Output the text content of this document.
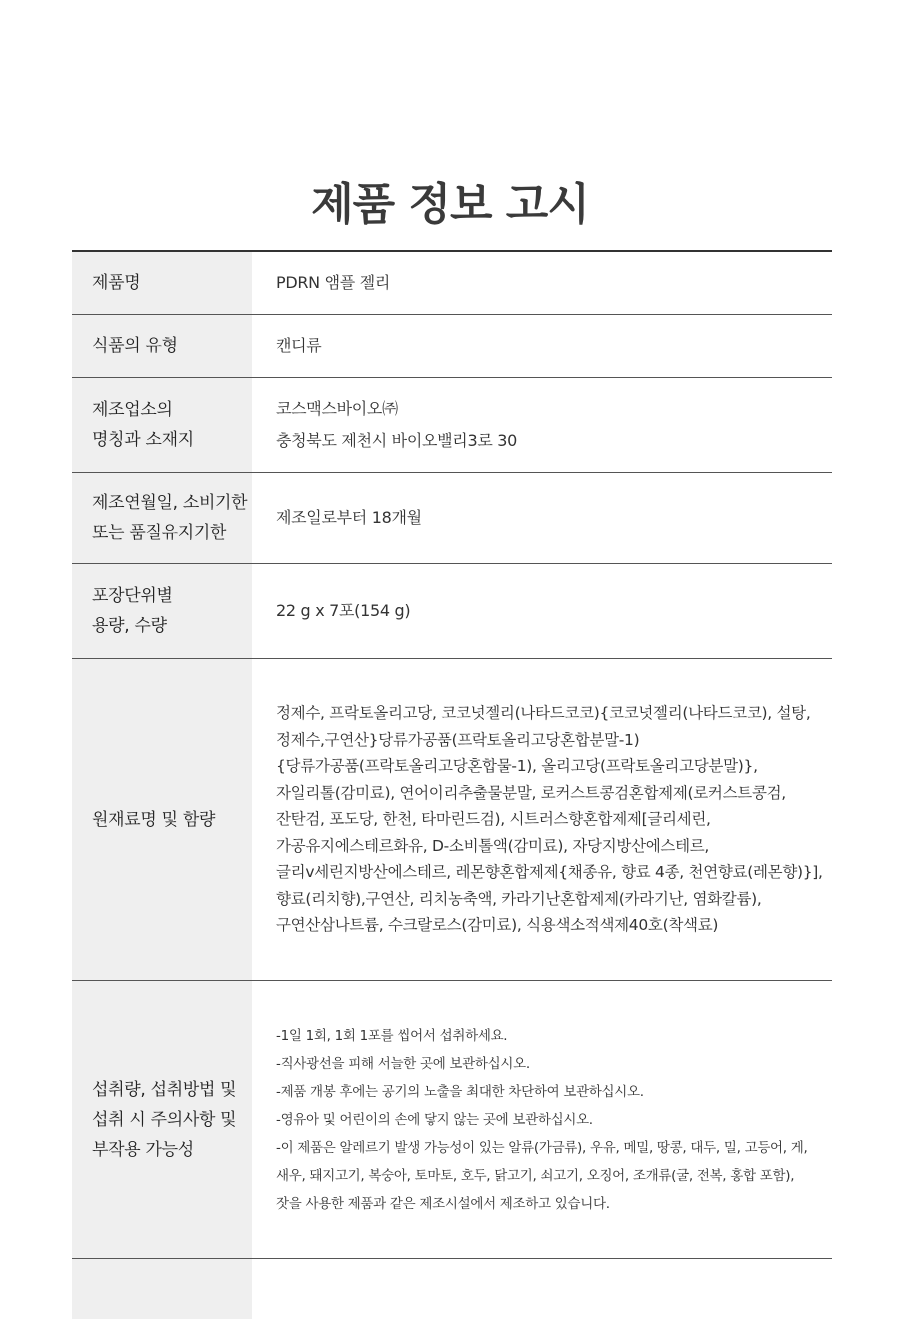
제품 정보 고시
제품명	PDRN 앰플 젤리
식품의 유형	캔디류
제조업소의
명칭과 소재지
코스맥스바이오㈜
충청북도 제천시 바이오밸리3로 30
제조연월일, 소비기한
또는 품질유지기한
제조일로부터 18개월
포장단위별
용량, 수량
22 g x 7포(154 g)
원재료명 및 함량
정제수, 프락토올리고당, 코코넛젤리(나타드코코){코코넛젤리(나타드코코), 설탕,
정제수,구연산}당류가공품(프락토올리고당혼합분말-1)
{당류가공품(프락토올리고당혼합물-1), 올리고당(프락토올리고당분말)},
자일리톨(감미료), 연어이리추출물분말, 로커스트콩검혼합제제(로커스트콩검,
잔탄검, 포도당, 한천, 타마린드검), 시트러스향혼합제제[글리세린,
가공유지에스테르화유, D-소비톨액(감미료), 자당지방산에스테르,
글리v세린지방산에스테르, 레몬향혼합제제{채종유, 향료 4종, 천연향료(레몬향)}],
향료(리치향),구연산, 리치농축액, 카라기난혼합제제(카라기난, 염화칼륨),
구연산삼나트륨, 수크랄로스(감미료), 식용색소적색제40호(착색료)
섭취량, 섭취방법 및
섭취 시 주의사항 및
부작용 가능성
-1일 1회, 1회 1포를 씹어서 섭취하세요.
-직사광선을 피해 서늘한 곳에 보관하십시오.
-제품 개봉 후에는 공기의 노출을 최대한 차단하여 보관하십시오.
-영유아 및 어린이의 손에 닿지 않는 곳에 보관하십시오.
-이 제품은 알레르기 발생 가능성이 있는 알류(가금류), 우유, 메밀, 땅콩, 대두, 밀, 고등어, 게,
새우, 돼지고기, 복숭아, 토마토, 호두, 닭고기, 쇠고기, 오징어, 조개류(굴, 전복, 홍합 포함),
잣을 사용한 제품과 같은 제조시설에서 제조하고 있습니다.
